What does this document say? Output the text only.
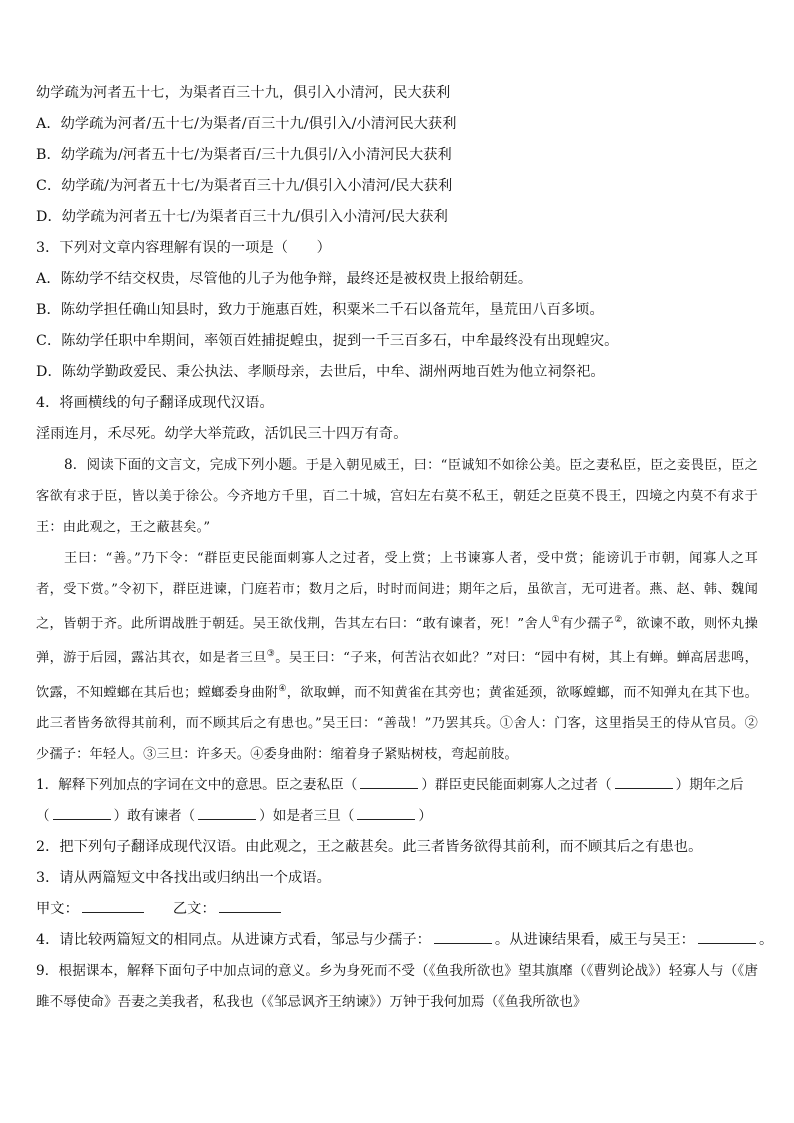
幼学疏为河者五十七，为渠者百三十九，俱引入小清河，民大获利
A．幼学疏为河者/五十七/为渠者/百三十九/俱引入/小清河民大获利
B．幼学疏为/河者五十七/为渠者百/三十九俱引/入小清河民大获利
C．幼学疏/为河者五十七/为渠者百三十九/俱引入小清河/民大获利
D．幼学疏为河者五十七/为渠者百三十九/俱引入小清河/民大获利
3．下列对文章内容理解有误的一项是（　　）
A．陈幼学不结交权贵，尽管他的儿子为他争辩，最终还是被权贵上报给朝廷。
B．陈幼学担任确山知县时，致力于施惠百姓，积粟米二千石以备荒年，垦荒田八百多顷。
C．陈幼学任职中牟期间，率领百姓捕捉蝗虫，捉到一千三百多石，中牟最终没有出现蝗灾。
D．陈幼学勤政爱民、秉公执法、孝顺母亲，去世后，中牟、湖州两地百姓为他立祠祭祀。
4．将画横线的句子翻译成现代汉语。
淫雨连月，禾尽死。幼学大举荒政，活饥民三十四万有奇。
8．阅读下面的文言文，完成下列小题。于是入朝见威王，曰：“臣诚知不如徐公美。臣之妻私臣，臣之妾畏臣，臣之客欲有求于臣，皆以美于徐公。今齐地方千里，百二十城，宫妇左右莫不私王，朝廷之臣莫不畏王，四境之内莫不有求于王：由此观之，王之蔽甚矣。”
王曰：“善。”乃下令：“群臣吏民能面刺寡人之过者，受上赏；上书谏寡人者，受中赏；能谤讥于市朝，闻寡人之耳者，受下赏。”令初下，群臣进谏，门庭若市；数月之后，时时而间进；期年之后，虽欲言，无可进者。燕、赵、韩、魏闻之，皆朝于齐。此所谓战胜于朝廷。吴王欲伐荆，告其左右曰：“敢有谏者，死！”舍人①有少孺子②，欲谏不敢，则怀丸操弹，游于后园，露沾其衣，如是者三旦③。吴王曰：“子来，何苦沾衣如此？”对曰：“园中有树，其上有蝉。蝉高居悲鸣，饮露，不知螳螂在其后也；螳螂委身曲附④，欲取蝉，而不知黄雀在其旁也；黄雀延颈，欲啄螳螂，而不知弹丸在其下也。此三者皆务欲得其前利，而不顾其后之有患也。”吴王曰：“善哉！”乃罢其兵。①舍人：门客，这里指吴王的侍从官员。②少孺子：年轻人。③三旦：许多天。④委身曲附：缩着身子紧贴树枝，弯起前肢。
1．解释下列加点的字词在文中的意思。臣之妻私臣（	）群臣吏民能面刺寡人之过者（	）期年之后
（	）敢有谏者（	）如是者三旦（	）
2．把下列句子翻译成现代汉语。由此观之，王之蔽甚矣。此三者皆务欲得其前利，而不顾其后之有患也。
3．请从两篇短文中各找出或归纳出一个成语。
甲文：	乙文：
4．请比较两篇短文的相同点。从进谏方式看，邹忌与少孺子：	。从进谏结果看，威王与吴王：	。
9．根据课本，解释下面句子中加点词的意义。乡为身死而不受（《鱼我所欲也》望其旗靡（《曹刿论战》）轻寡人与（《唐雎不辱使命》吾妻之美我者，私我也（《邹忌讽齐王纳谏》）万钟于我何加焉（《鱼我所欲也》
